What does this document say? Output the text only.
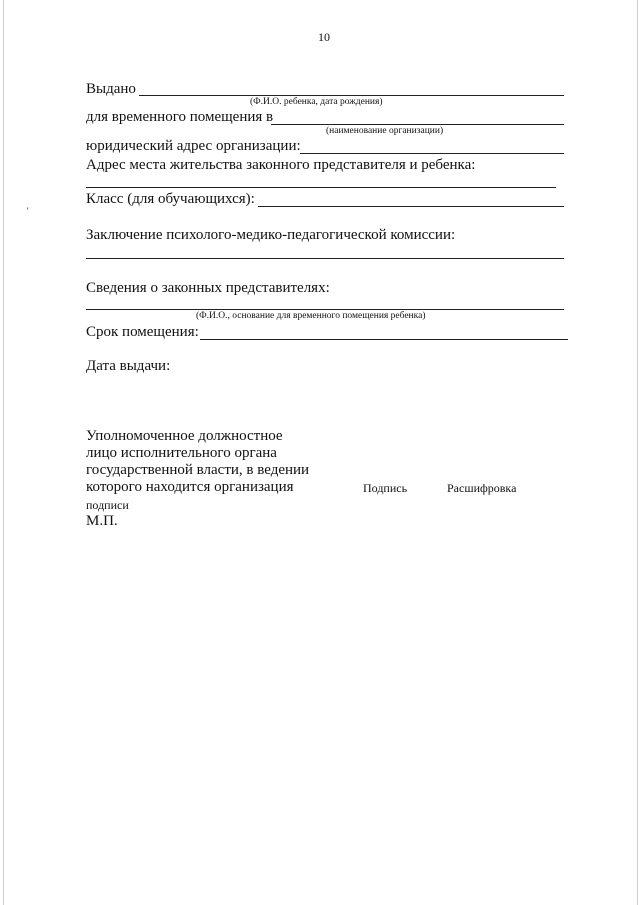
‘
10
Выдано
(Ф.И.О. ребенка, дата рождения)
для временного помещения в
(наименование организации)
юридический адрес организации:
Адрес места жительства законного представителя и ребенка:
Класс (для обучающихся):
Заключение психолого-медико-педагогической комиссии:
Сведения о законных представителях:
(Ф.И.О., основание для временного помещения ребенка)
Срок помещения:
Дата выдачи:
Уполномоченное должностное
лицо исполнительного органа
государственной власти, в ведении
которого находится организация	Подпись	Расшифровка
подписи
М.П.
